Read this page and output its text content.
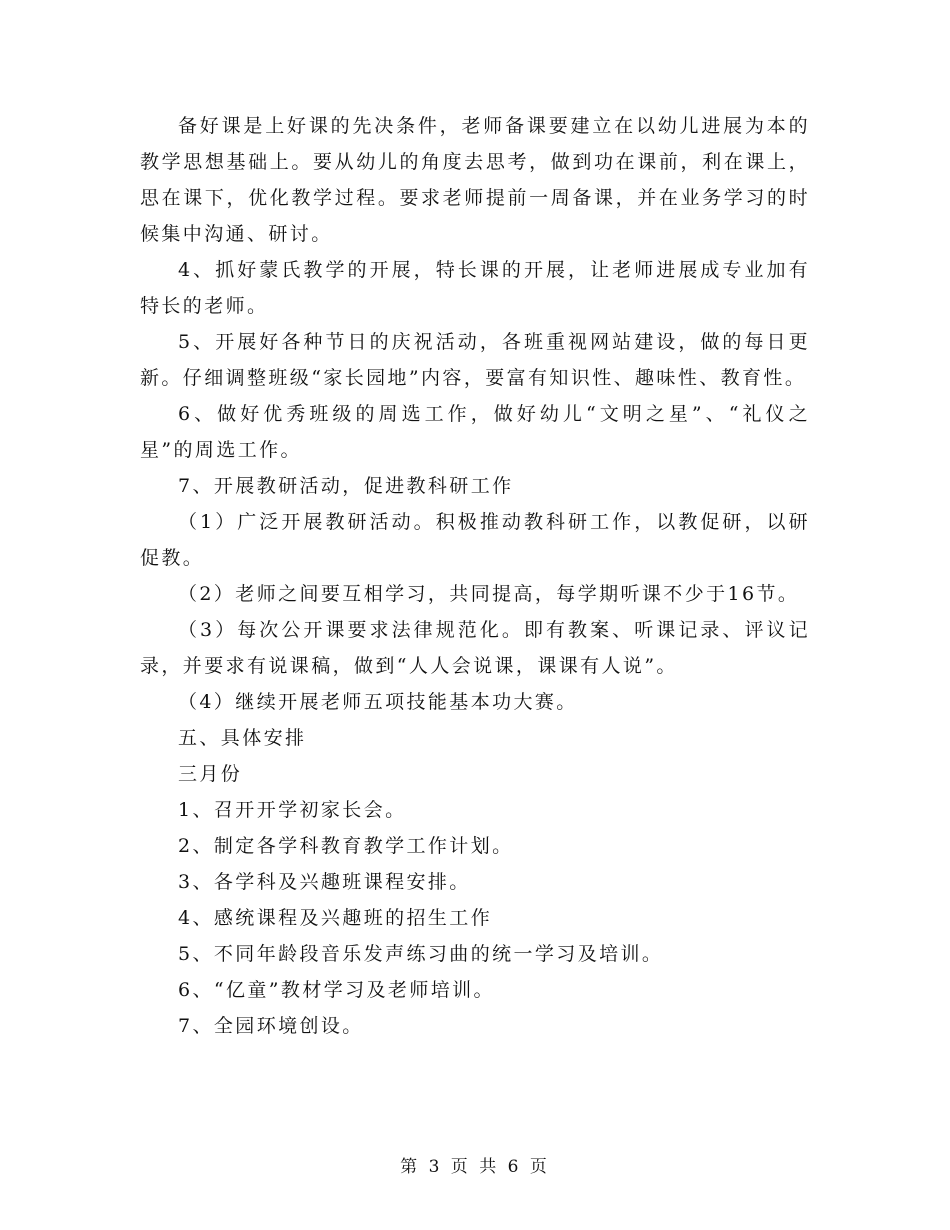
备好课是上好课的先决条件，老师备课要建立在以幼儿进展为本的教学思想基础上。要从幼儿的角度去思考，做到功在课前，利在课上，思在课下，优化教学过程。要求老师提前一周备课，并在业务学习的时候集中沟通、研讨。

4、抓好蒙氏教学的开展，特长课的开展，让老师进展成专业加有特长的老师。

5、开展好各种节日的庆祝活动，各班重视网站建设，做的每日更新。仔细调整班级“家长园地”内容，要富有知识性、趣味性、教育性。

6、做好优秀班级的周选工作，做好幼儿“文明之星”、“礼仪之星”的周选工作。

7、开展教研活动，促进教科研工作

（1）广泛开展教研活动。积极推动教科研工作，以教促研，以研促教。

（2）老师之间要互相学习，共同提高，每学期听课不少于16节。

（3）每次公开课要求法律规范化。即有教案、听课记录、评议记录，并要求有说课稿，做到“人人会说课，课课有人说”。

（4）继续开展老师五项技能基本功大赛。

五、具体安排

三月份

1、召开开学初家长会。

2、制定各学科教育教学工作计划。

3、各学科及兴趣班课程安排。

4、感统课程及兴趣班的招生工作

5、不同年龄段音乐发声练习曲的统一学习及培训。

6、“亿童”教材学习及老师培训。

7、全园环境创设。

第 3 页 共 6 页
